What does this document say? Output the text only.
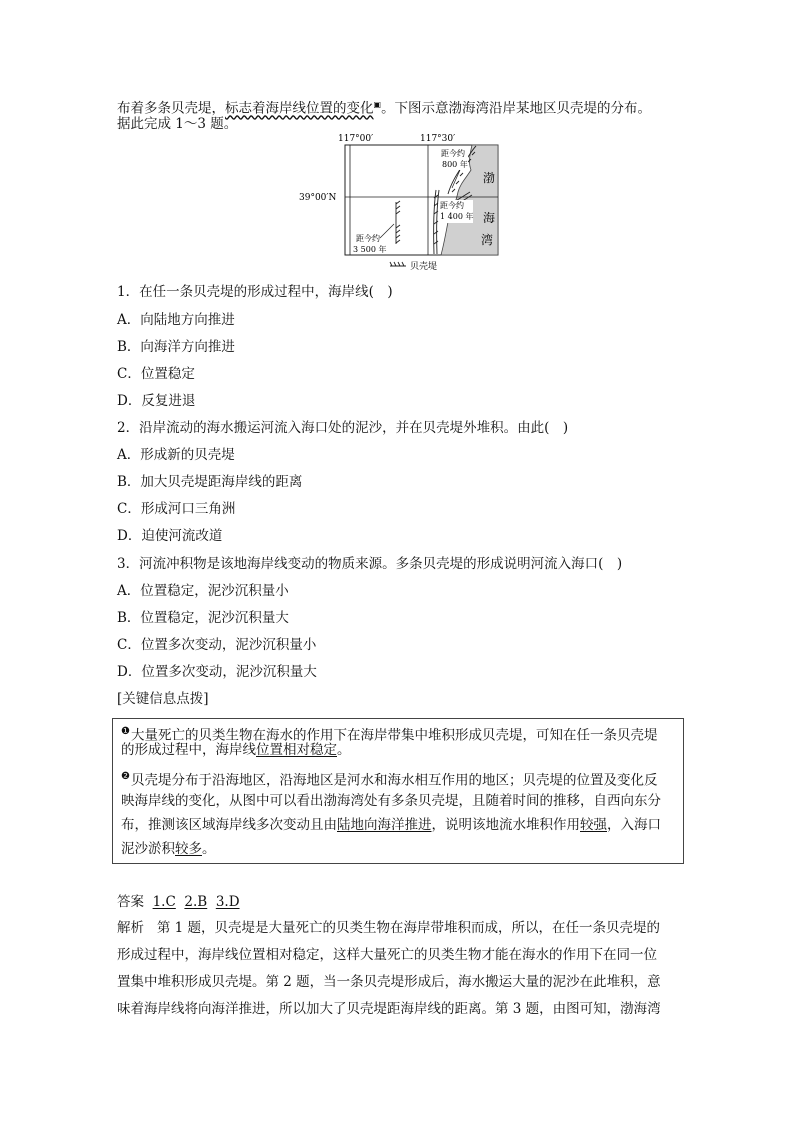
布着多条贝壳堤，标志着海岸线位置的变化▣。下图示意渤海湾沿岸某地区贝壳堤的分布。
据此完成 1～3 题。
117°00′	117°30′
39°00′N
距今约
800 年
距今约
1 400 年
距今约
3 500 年
渤
海
湾
贝壳堤
1．在任一条贝壳堤的形成过程中，海岸线(　)
A．向陆地方向推进
B．向海洋方向推进
C．位置稳定
D．反复进退
2．沿岸流动的海水搬运河流入海口处的泥沙，并在贝壳堤外堆积。由此(　)
A．形成新的贝壳堤
B．加大贝壳堤距海岸线的距离
C．形成河口三角洲
D．迫使河流改道
3．河流冲积物是该地海岸线变动的物质来源。多条贝壳堤的形成说明河流入海口(　)
A．位置稳定，泥沙沉积量小
B．位置稳定，泥沙沉积量大
C．位置多次变动，泥沙沉积量小
D．位置多次变动，泥沙沉积量大
[关键信息点拨]
$^❶$大量死亡的贝类生物在海水的作用下在海岸带集中堆积形成贝壳堤，可知在任一条贝壳堤
的形成过程中，海岸线位置相对稳定。
$^❷$贝壳堤分布于沿海地区，沿海地区是河水和海水相互作用的地区；贝壳堤的位置及变化反
映海岸线的变化，从图中可以看出渤海湾处有多条贝壳堤，且随着时间的推移，自西向东分
布，推测该区域海岸线多次变动且由陆地向海洋推进，说明该地流水堆积作用较强，入海口
泥沙淤积较多。
答案 1.C 2.B 3.D
解析 第 1 题，贝壳堤是大量死亡的贝类生物在海岸带堆积而成，所以，在任一条贝壳堤的
形成过程中，海岸线位置相对稳定，这样大量死亡的贝类生物才能在海水的作用下在同一位
置集中堆积形成贝壳堤。第 2 题，当一条贝壳堤形成后，海水搬运大量的泥沙在此堆积，意
味着海岸线将向海洋推进，所以加大了贝壳堤距海岸线的距离。第 3 题，由图可知，渤海湾
